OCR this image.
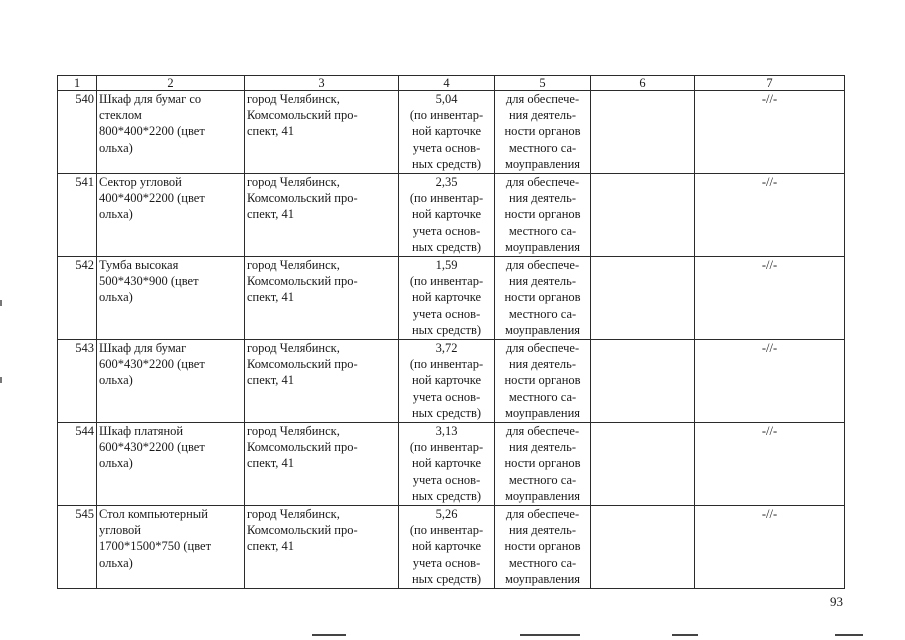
1	2	3	4	5	6	7
540	Шкаф для бумаг со
стеклом
800*400*2200 (цвет
ольха)	город Челябинск,
Комсомольский про-
спект, 41	5,04
(по инвентар-
ной карточке
учета основ-
ных средств)	для обеспече-
ния деятель-
ности органов
местного са-
моуправления		-//-
541	Сектор угловой
400*400*2200 (цвет
ольха)	город Челябинск,
Комсомольский про-
спект, 41	2,35
(по инвентар-
ной карточке
учета основ-
ных средств)	для обеспече-
ния деятель-
ности органов
местного са-
моуправления		-//-
542	Тумба высокая
500*430*900 (цвет
ольха)	город Челябинск,
Комсомольский про-
спект, 41	1,59
(по инвентар-
ной карточке
учета основ-
ных средств)	для обеспече-
ния деятель-
ности органов
местного са-
моуправления		-//-
543	Шкаф для бумаг
600*430*2200 (цвет
ольха)	город Челябинск,
Комсомольский про-
спект, 41	3,72
(по инвентар-
ной карточке
учета основ-
ных средств)	для обеспече-
ния деятель-
ности органов
местного са-
моуправления		-//-
544	Шкаф платяной
600*430*2200 (цвет
ольха)	город Челябинск,
Комсомольский про-
спект, 41	3,13
(по инвентар-
ной карточке
учета основ-
ных средств)	для обеспече-
ния деятель-
ности органов
местного са-
моуправления		-//-
545	Стол компьютерный
угловой
1700*1500*750 (цвет
ольха)	город Челябинск,
Комсомольский про-
спект, 41	5,26
(по инвентар-
ной карточке
учета основ-
ных средств)	для обеспече-
ния деятель-
ности органов
местного са-
моуправления		-//-
93
